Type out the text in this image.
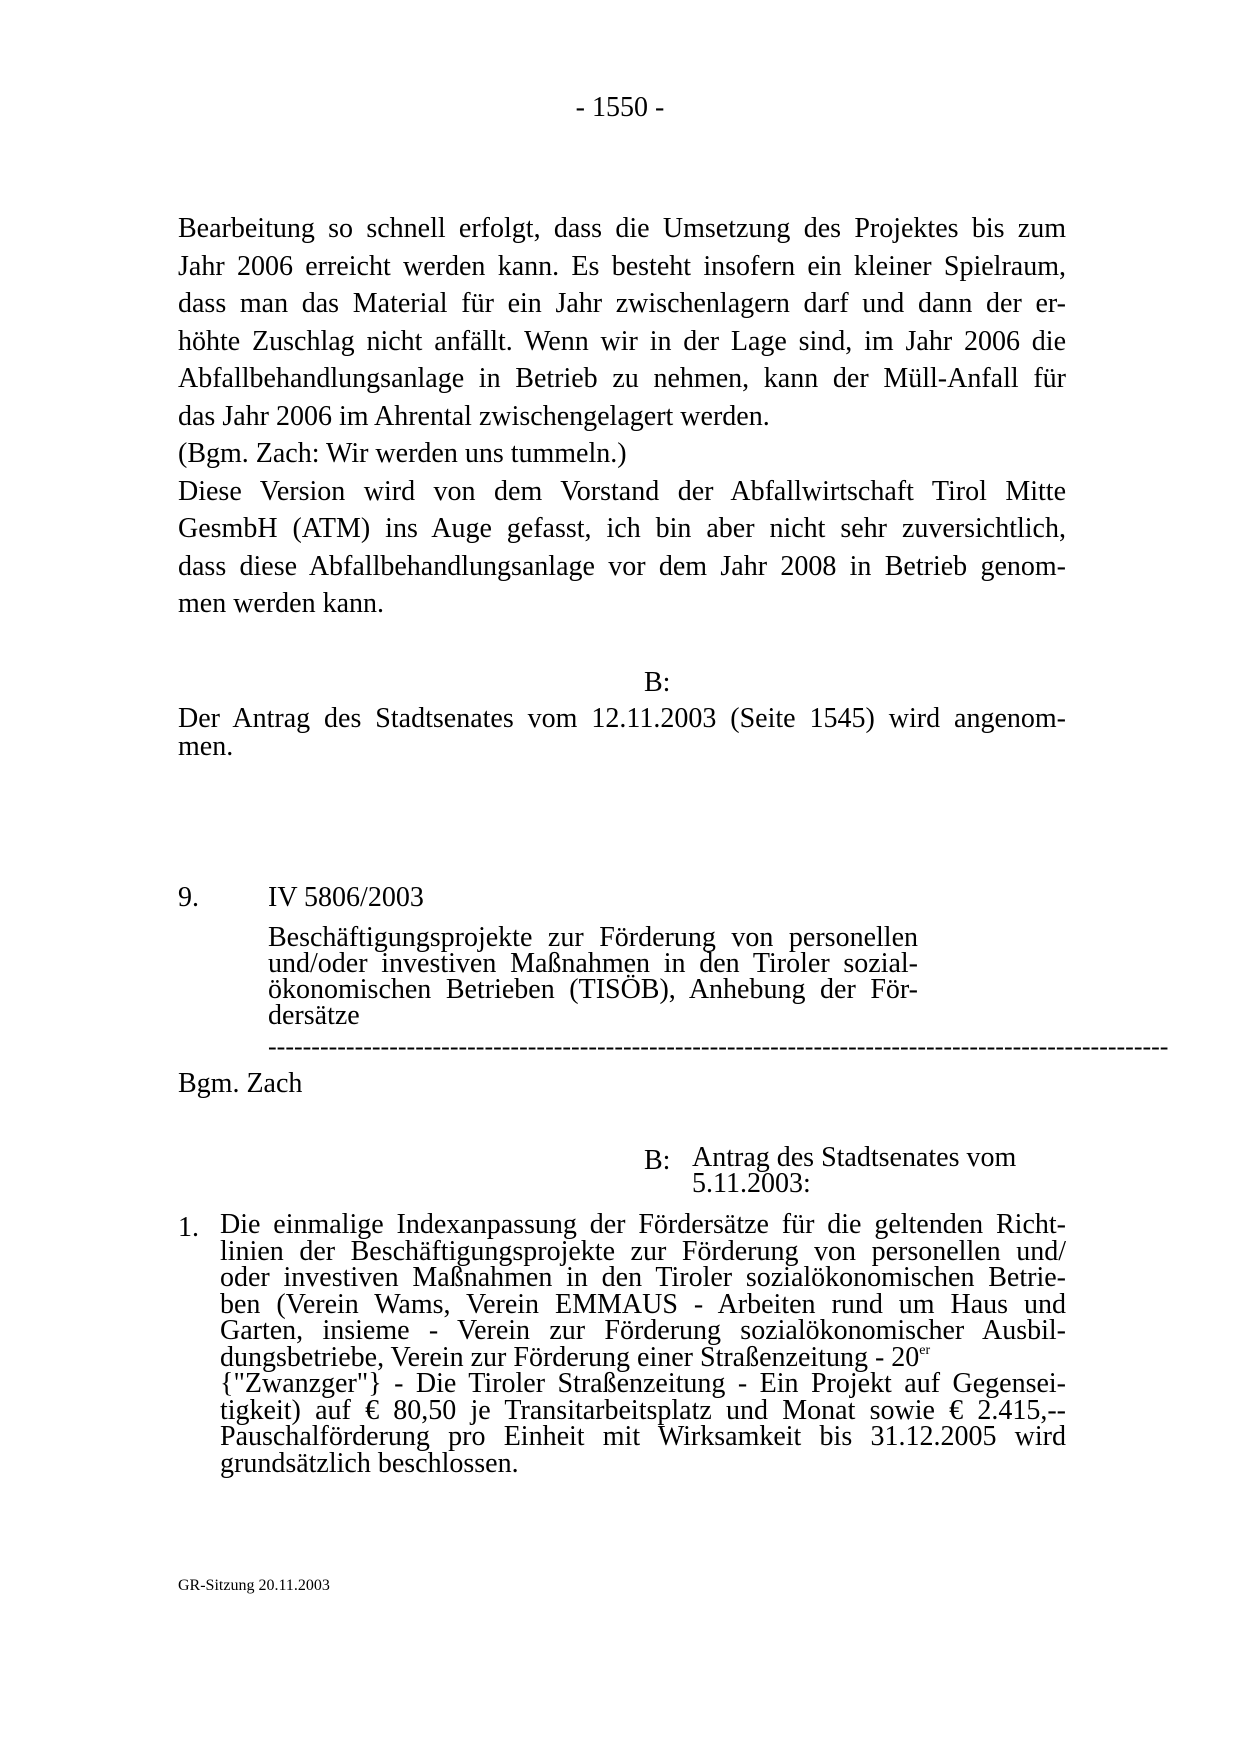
- 1550 -
Bearbeitung so schnell erfolgt, dass die Umsetzung des Projektes bis zum
Jahr 2006 erreicht werden kann. Es besteht insofern ein kleiner Spielraum,
dass man das Material für ein Jahr zwischenlagern darf und dann der er-
höhte Zuschlag nicht anfällt. Wenn wir in der Lage sind, im Jahr 2006 die
Abfallbehandlungsanlage in Betrieb zu nehmen, kann der Müll-Anfall für
das Jahr 2006 im Ahrental zwischengelagert werden.
(Bgm. Zach: Wir werden uns tummeln.)
Diese Version wird von dem Vorstand der Abfallwirtschaft Tirol Mitte
GesmbH (ATM) ins Auge gefasst, ich bin aber nicht sehr zuversichtlich,
dass diese Abfallbehandlungsanlage vor dem Jahr 2008 in Betrieb genom-
men werden kann.
B:
Der Antrag des Stadtsenates vom 12.11.2003 (Seite 1545) wird angenom-
men.
9. IV 5806/2003
Beschäftigungsprojekte zur Förderung von personellen
und/oder investiven Maßnahmen in den Tiroler sozial-
ökonomischen Betrieben (TISÖB), Anhebung der För-
dersätze
--------------------------------------------------------------------------------------------------------
Bgm. Zach
B: Antrag des Stadtsenates vom
5.11.2003:
1. Die einmalige Indexanpassung der Fördersätze für die geltenden Richt-
linien der Beschäftigungsprojekte zur Förderung von personellen und/
oder investiven Maßnahmen in den Tiroler sozialökonomischen Betrie-
ben (Verein Wams, Verein EMMAUS - Arbeiten rund um Haus und
Garten, insieme - Verein zur Förderung sozialökonomischer Ausbil-
dungsbetriebe, Verein zur Förderung einer Straßenzeitung - 20er
{"Zwanzger"} - Die Tiroler Straßenzeitung - Ein Projekt auf Gegensei-
tigkeit) auf € 80,50 je Transitarbeitsplatz und Monat sowie € 2.415,--
Pauschalförderung pro Einheit mit Wirksamkeit bis 31.12.2005 wird
grundsätzlich beschlossen.
GR-Sitzung 20.11.2003
